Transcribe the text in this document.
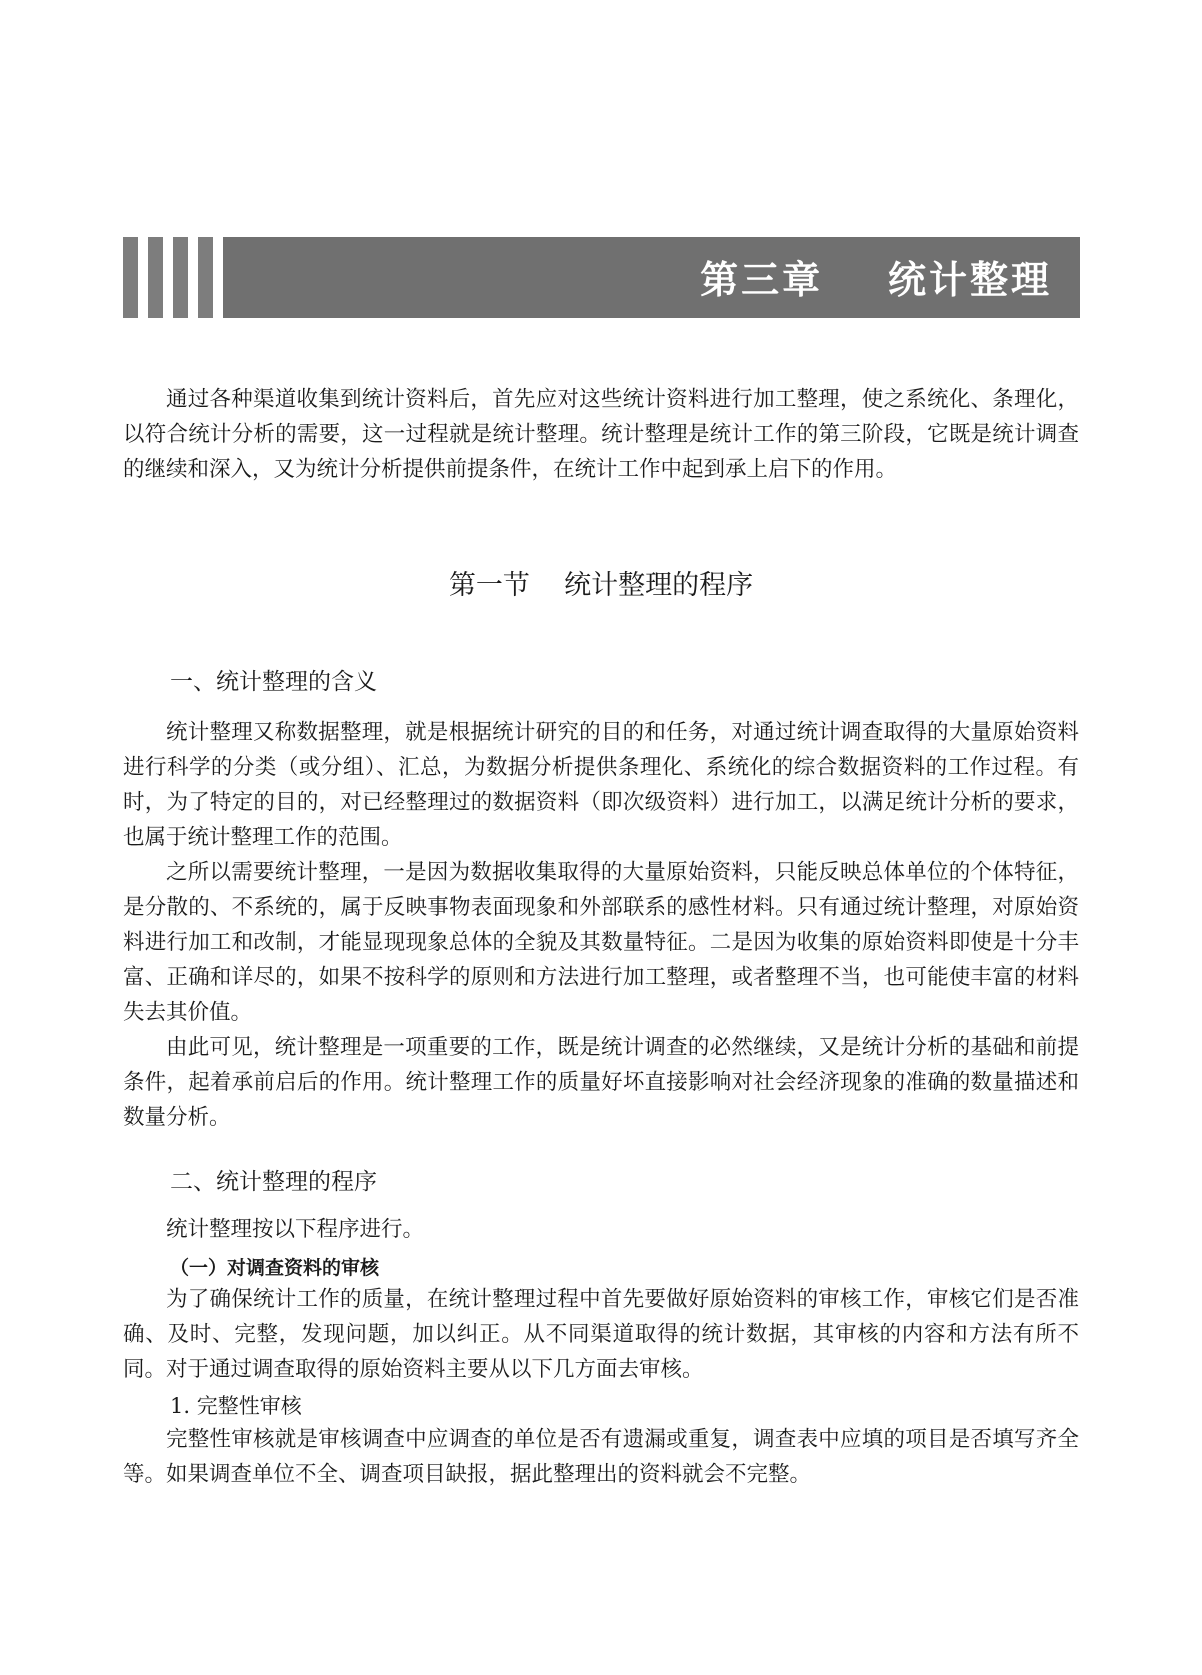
第三章    统计整理

通过各种渠道收集到统计资料后，首先应对这些统计资料进行加工整理，使之系统化、条理化，以符合统计分析的需要，这一过程就是统计整理。统计整理是统计工作的第三阶段，它既是统计调查的继续和深入，又为统计分析提供前提条件，在统计工作中起到承上启下的作用。

第一节    统计整理的程序
一、统计整理的含义

统计整理又称数据整理，就是根据统计研究的目的和任务，对通过统计调查取得的大量原始资料进行科学的分类（或分组）、汇总，为数据分析提供条理化、系统化的综合数据资料的工作过程。有时，为了特定的目的，对已经整理过的数据资料（即次级资料）进行加工，以满足统计分析的要求，也属于统计整理工作的范围。

之所以需要统计整理，一是因为数据收集取得的大量原始资料，只能反映总体单位的个体特征，是分散的、不系统的，属于反映事物表面现象和外部联系的感性材料。只有通过统计整理，对原始资料进行加工和改制，才能显现现象总体的全貌及其数量特征。二是因为收集的原始资料即使是十分丰富、正确和详尽的，如果不按科学的原则和方法进行加工整理，或者整理不当，也可能使丰富的材料失去其价值。

由此可见，统计整理是一项重要的工作，既是统计调查的必然继续，又是统计分析的基础和前提条件，起着承前启后的作用。统计整理工作的质量好坏直接影响对社会经济现象的准确的数量描述和数量分析。

二、统计整理的程序

统计整理按以下程序进行。

（一）对调查资料的审核

为了确保统计工作的质量，在统计整理过程中首先要做好原始资料的审核工作，审核它们是否准确、及时、完整，发现问题，加以纠正。从不同渠道取得的统计数据，其审核的内容和方法有所不同。对于通过调查取得的原始资料主要从以下几方面去审核。

1. 完整性审核

完整性审核就是审核调查中应调查的单位是否有遗漏或重复，调查表中应填的项目是否填写齐全等。如果调查单位不全、调查项目缺报，据此整理出的资料就会不完整。
